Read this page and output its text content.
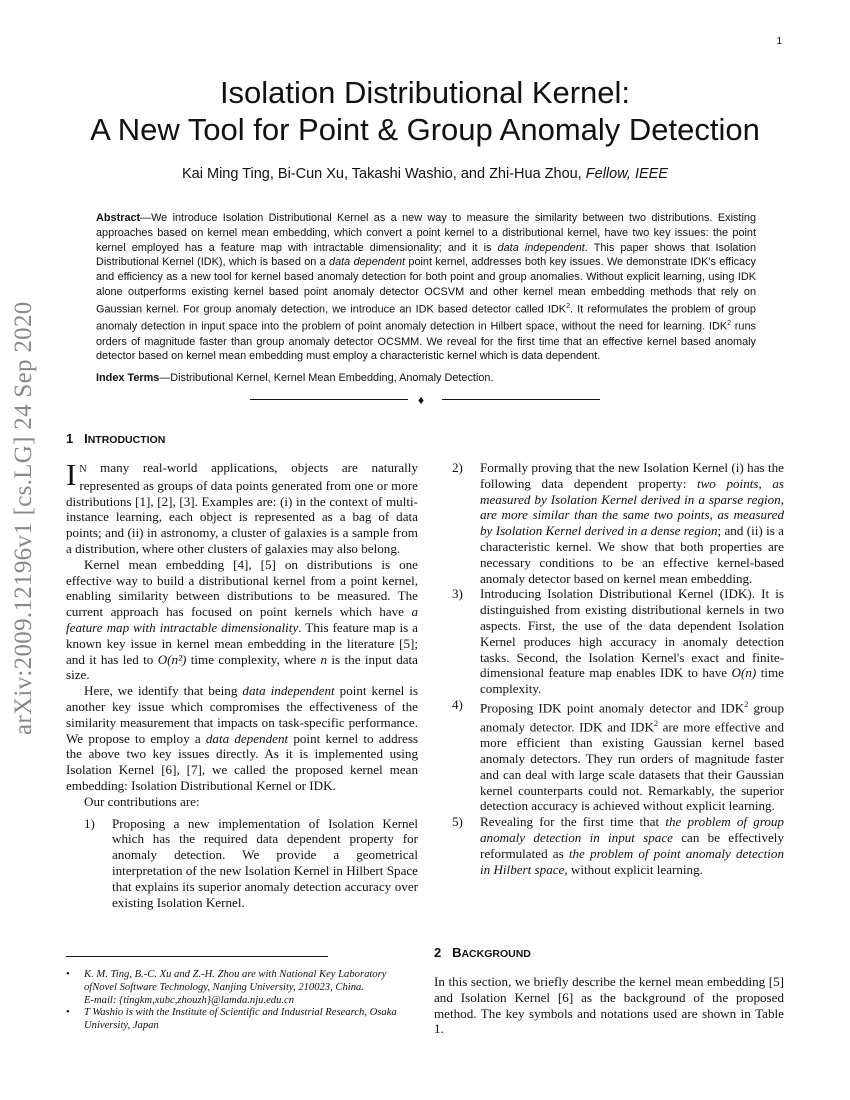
1
arXiv:2009.12196v1 [cs.LG] 24 Sep 2020
Isolation Distributional Kernel:
A New Tool for Point & Group Anomaly Detection
Kai Ming Ting, Bi-Cun Xu, Takashi Washio, and Zhi-Hua Zhou, Fellow, IEEE
Abstract—We introduce Isolation Distributional Kernel as a new way to measure the similarity between two distributions. Existing approaches based on kernel mean embedding, which convert a point kernel to a distributional kernel, have two key issues: the point kernel employed has a feature map with intractable dimensionality; and it is data independent. This paper shows that Isolation Distributional Kernel (IDK), which is based on a data dependent point kernel, addresses both key issues. We demonstrate IDK's efficacy and efficiency as a new tool for kernel based anomaly detection for both point and group anomalies. Without explicit learning, using IDK alone outperforms existing kernel based point anomaly detector OCSVM and other kernel mean embedding methods that rely on Gaussian kernel. For group anomaly detection, we introduce an IDK based detector called IDK$^2$. It reformulates the problem of group anomaly detection in input space into the problem of point anomaly detection in Hilbert space, without the need for learning. IDK$^2$ runs orders of magnitude faster than group anomaly detector OCSMM. We reveal for the first time that an effective kernel based anomaly detector based on kernel mean embedding must employ a characteristic kernel which is data dependent.
Index Terms—Distributional Kernel, Kernel Mean Embedding, Anomaly Detection.
♦
1 INTRODUCTION

I N many real-world applications, objects are naturally represented as groups of data points generated from one or more distributions [1], [2], [3]. Examples are: (i) in the context of multi-instance learning, each object is represented as a bag of data points; and (ii) in astronomy, a cluster of galaxies is a sample from a distribution, where other clusters of galaxies may also belong.

Kernel mean embedding [4], [5] on distributions is one effective way to build a distributional kernel from a point kernel, enabling similarity between distributions to be measured. The current approach has focused on point kernels which have a feature map with intractable dimensionality. This feature map is a known key issue in kernel mean embedding in the literature [5]; and it has led to O(n²) time complexity, where n is the input data size.

Here, we identify that being data independent point kernel is another key issue which compromises the effectiveness of the similarity measurement that impacts on task-specific performance. We propose to employ a data dependent point kernel to address the above two key issues directly. As it is implemented using Isolation Kernel [6], [7], we called the proposed kernel mean embedding: Isolation Distributional Kernel or IDK.

Our contributions are:

1)	Proposing a new implementation of Isolation Kernel which has the required data dependent property for anomaly detection. We provide a geometrical interpretation of the new Isolation Kernel in Hilbert Space that explains its superior anomaly detection accuracy over existing Isolation Kernel.
• K. M. Ting, B.-C. Xu and Z.-H. Zhou are with National Key Laboratory ofNovel Software Technology, Nanjing University, 210023, China.
E-mail: {tingkm,xubc,zhouzh}@lamda.nju.edu.cn
• T Washio is with the Institute of Scientific and Industrial Research, Osaka University, Japan
2)	Formally proving that the new Isolation Kernel (i) has the following data dependent property: two points, as measured by Isolation Kernel derived in a sparse region, are more similar than the same two points, as measured by Isolation Kernel derived in a dense region; and (ii) is a characteristic kernel. We show that both properties are necessary conditions to be an effective kernel-based anomaly detector based on kernel mean embedding.
3)	Introducing Isolation Distributional Kernel (IDK). It is distinguished from existing distributional kernels in two aspects. First, the use of the data dependent Isolation Kernel produces high accuracy in anomaly detection tasks. Second, the Isolation Kernel's exact and finite-dimensional feature map enables IDK to have O(n) time complexity.
4)	Proposing IDK point anomaly detector and IDK$^2$ group anomaly detector. IDK and IDK$^2$ are more effective and more efficient than existing Gaussian kernel based anomaly detectors. They run orders of magnitude faster and can deal with large scale datasets that their Gaussian kernel counterparts could not. Remarkably, the superior detection accuracy is achieved without explicit learning.
5)	Revealing for the first time that the problem of group anomaly detection in input space can be effectively reformulated as the problem of point anomaly detection in Hilbert space, without explicit learning.
2 BACKGROUND

In this section, we briefly describe the kernel mean embedding [5] and Isolation Kernel [6] as the background of the proposed method. The key symbols and notations used are shown in Table 1.
